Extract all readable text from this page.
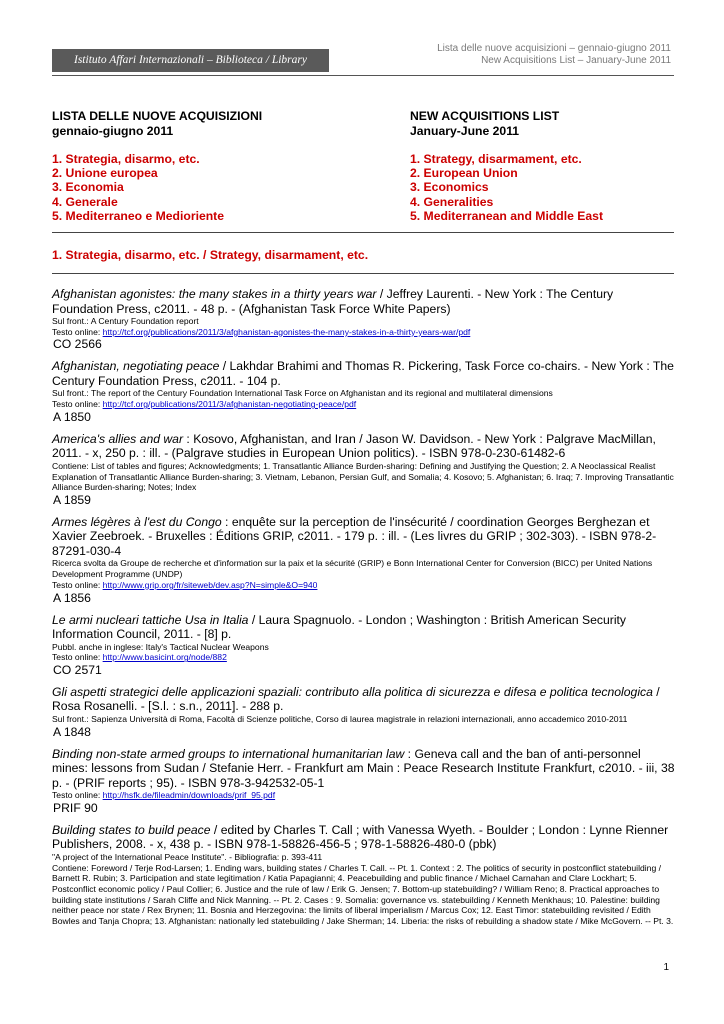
Istituto Affari Internazionali – Biblioteca / Library
Lista delle nuove acquisizioni – gennaio-giugno 2011
New Acquisitions List – January-June 2011
LISTA DELLE NUOVE ACQUISIZIONI
gennaio-giugno 2011
1. Strategia, disarmo, etc.
2. Unione europea
3. Economia
4. Generale
5. Mediterraneo e Medioriente
NEW ACQUISITIONS LIST
January-June 2011
1. Strategy, disarmament, etc.
2. European Union
3. Economics
4. Generalities
5. Mediterranean and Middle East
1. Strategia, disarmo, etc. / Strategy, disarmament, etc.
Afghanistan agonistes: the many stakes in a thirty years war / Jeffrey Laurenti. - New York : The Century Foundation Press, c2011. - 48 p. - (Afghanistan Task Force White Papers)
Sul front.: A Century Foundation report
Testo online: http://tcf.org/publications/2011/3/afghanistan-agonistes-the-many-stakes-in-a-thirty-years-war/pdf
CO 2566
Afghanistan, negotiating peace / Lakhdar Brahimi and Thomas R. Pickering, Task Force co-chairs. - New York : The Century Foundation Press, c2011. - 104 p.
Sul front.: The report of the Century Foundation International Task Force on Afghanistan and its regional and multilateral dimensions
Testo online: http://tcf.org/publications/2011/3/afghanistan-negotiating-peace/pdf
A 1850
America's allies and war : Kosovo, Afghanistan, and Iran / Jason W. Davidson. - New York : Palgrave MacMillan, 2011. - x, 250 p. : ill. - (Palgrave studies in European Union politics). - ISBN 978-0-230-61482-6
Contiene: List of tables and figures; Acknowledgments; 1. Transatlantic Alliance Burden-sharing: Defining and Justifying the Question; 2. A Neoclassical Realist Explanation of Transatlantic Alliance Burden-sharing; 3. Vietnam, Lebanon, Persian Gulf, and Somalia; 4. Kosovo; 5. Afghanistan; 6. Iraq; 7. Improving Transatlantic Alliance Burden-sharing; Notes; Index
A 1859
Armes légères à l'est du Congo : enquête sur la perception de l'insécurité / coordination Georges Berghezan et Xavier Zeebroek. - Bruxelles : Éditions GRIP, c2011. - 179 p. : ill. - (Les livres du GRIP ; 302-303). - ISBN 978-2-87291-030-4
Ricerca svolta da Groupe de recherche et d'information sur la paix et la sécurité (GRIP) e Bonn International Center for Conversion (BICC) per United Nations Development Programme (UNDP)
Testo online: http://www.grip.org/fr/siteweb/dev.asp?N=simple&O=940
A 1856
Le armi nucleari tattiche Usa in Italia / Laura Spagnuolo. - London ; Washington : British American Security Information Council, 2011. - [8] p.
Pubbl. anche in inglese: Italy's Tactical Nuclear Weapons
Testo online: http://www.basicint.org/node/882
CO 2571
Gli aspetti strategici delle applicazioni spaziali: contributo alla politica di sicurezza e difesa e politica tecnologica / Rosa Rosanelli. - [S.l. : s.n., 2011]. - 288 p.
Sul front.: Sapienza Università di Roma, Facoltà di Scienze politiche, Corso di laurea magistrale in relazioni internazionali, anno accademico 2010-2011
A 1848
Binding non-state armed groups to international humanitarian law : Geneva call and the ban of anti-personnel mines: lessons from Sudan / Stefanie Herr. - Frankfurt am Main : Peace Research Institute Frankfurt, c2010. - iii, 38 p. - (PRIF reports ; 95). - ISBN 978-3-942532-05-1
Testo online: http://hsfk.de/fileadmin/downloads/prif_95.pdf
PRIF 90
Building states to build peace / edited by Charles T. Call ; with Vanessa Wyeth. - Boulder ; London : Lynne Rienner Publishers, 2008. - x, 438 p. - ISBN 978-1-58826-456-5 ; 978-1-58826-480-0 (pbk)
"A project of the International Peace Institute". - Bibliografia: p. 393-411
Contiene: Foreword / Terje Rod-Larsen; 1. Ending wars, building states / Charles T. Call. -- Pt. 1. Context : 2. The politics of security in postconflict statebuilding / Barnett R. Rubin; 3. Participation and state legitimation / Katia Papagianni; 4. Peacebuilding and public finance / Michael Carnahan and Clare Lockhart; 5. Postconflict economic policy / Paul Collier; 6. Justice and the rule of law / Erik G. Jensen; 7. Bottom-up statebuilding? / William Reno; 8. Practical approaches to building state institutions / Sarah Cliffe and Nick Manning. -- Pt. 2. Cases : 9. Somalia: governance vs. statebuilding / Kenneth Menkhaus; 10. Palestine: building neither peace nor state / Rex Brynen; 11. Bosnia and Herzegovina: the limits of liberal imperialism / Marcus Cox; 12. East Timor: statebuilding revisited / Edith Bowles and Tanja Chopra; 13. Afghanistan: nationally led statebuilding / Jake Sherman; 14. Liberia: the risks of rebuilding a shadow state / Mike McGovern. -- Pt. 3.
1
